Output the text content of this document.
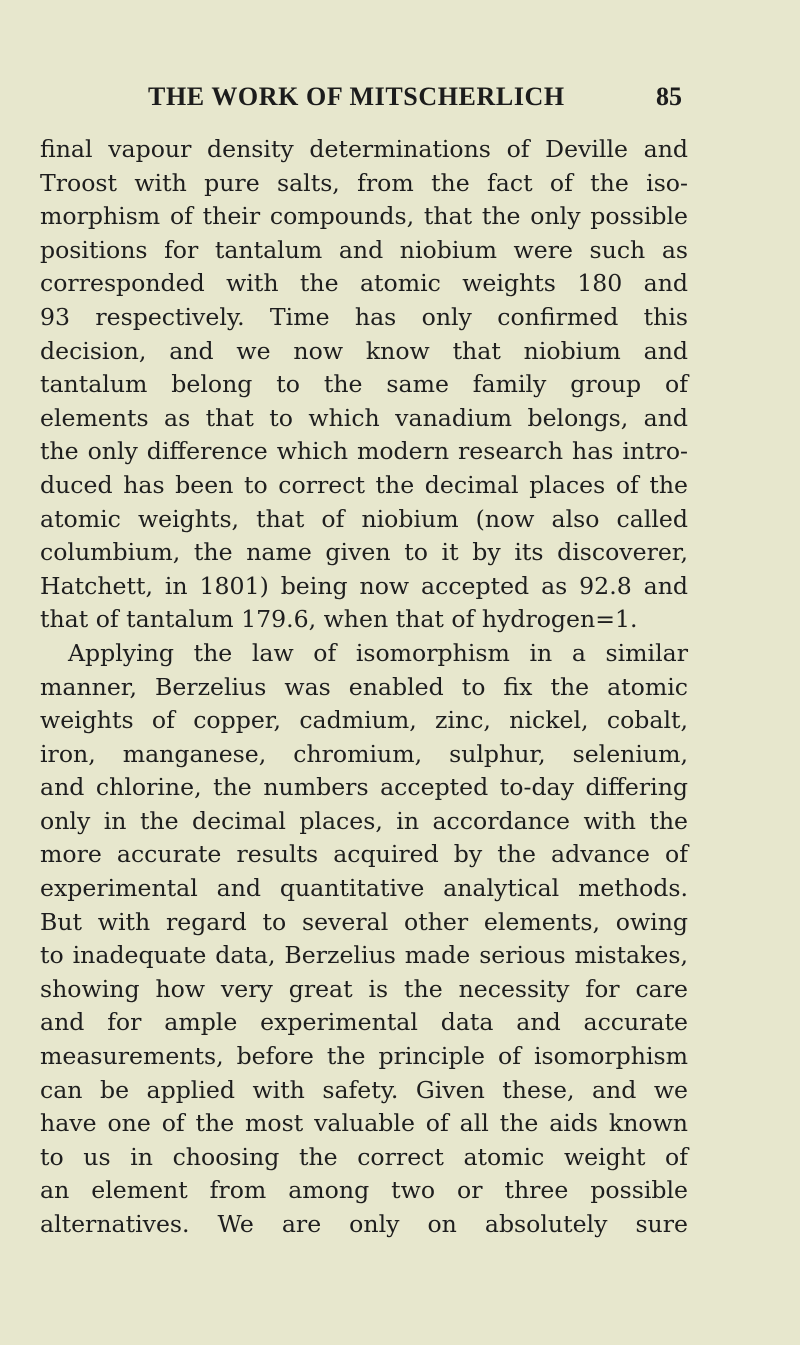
THE WORK OF MITSCHERLICH	85
final vapour density determinations of Deville and
Troost with pure salts, from the fact of the iso-
morphism of their compounds, that the only possible
positions for tantalum and niobium were such as
corresponded with the atomic weights 180 and
93 respectively. Time has only confirmed this
decision, and we now know that niobium and
tantalum belong to the same family group of
elements as that to which vanadium belongs, and
the only difference which modern research has intro-
duced has been to correct the decimal places of the
atomic weights, that of niobium (now also called
columbium, the name given to it by its discoverer,
Hatchett, in 1801) being now accepted as 92.8 and
that of tantalum 179.6, when that of hydrogen=1.
Applying the law of isomorphism in a similar
manner, Berzelius was enabled to fix the atomic
weights of copper, cadmium, zinc, nickel, cobalt,
iron, manganese, chromium, sulphur, selenium,
and chlorine, the numbers accepted to-day differing
only in the decimal places, in accordance with the
more accurate results acquired by the advance of
experimental and quantitative analytical methods.
But with regard to several other elements, owing
to inadequate data, Berzelius made serious mistakes,
showing how very great is the necessity for care
and for ample experimental data and accurate
measurements, before the principle of isomorphism
can be applied with safety. Given these, and we
have one of the most valuable of all the aids known
to us in choosing the correct atomic weight of
an element from among two or three possible
alternatives. We are only on absolutely sure
